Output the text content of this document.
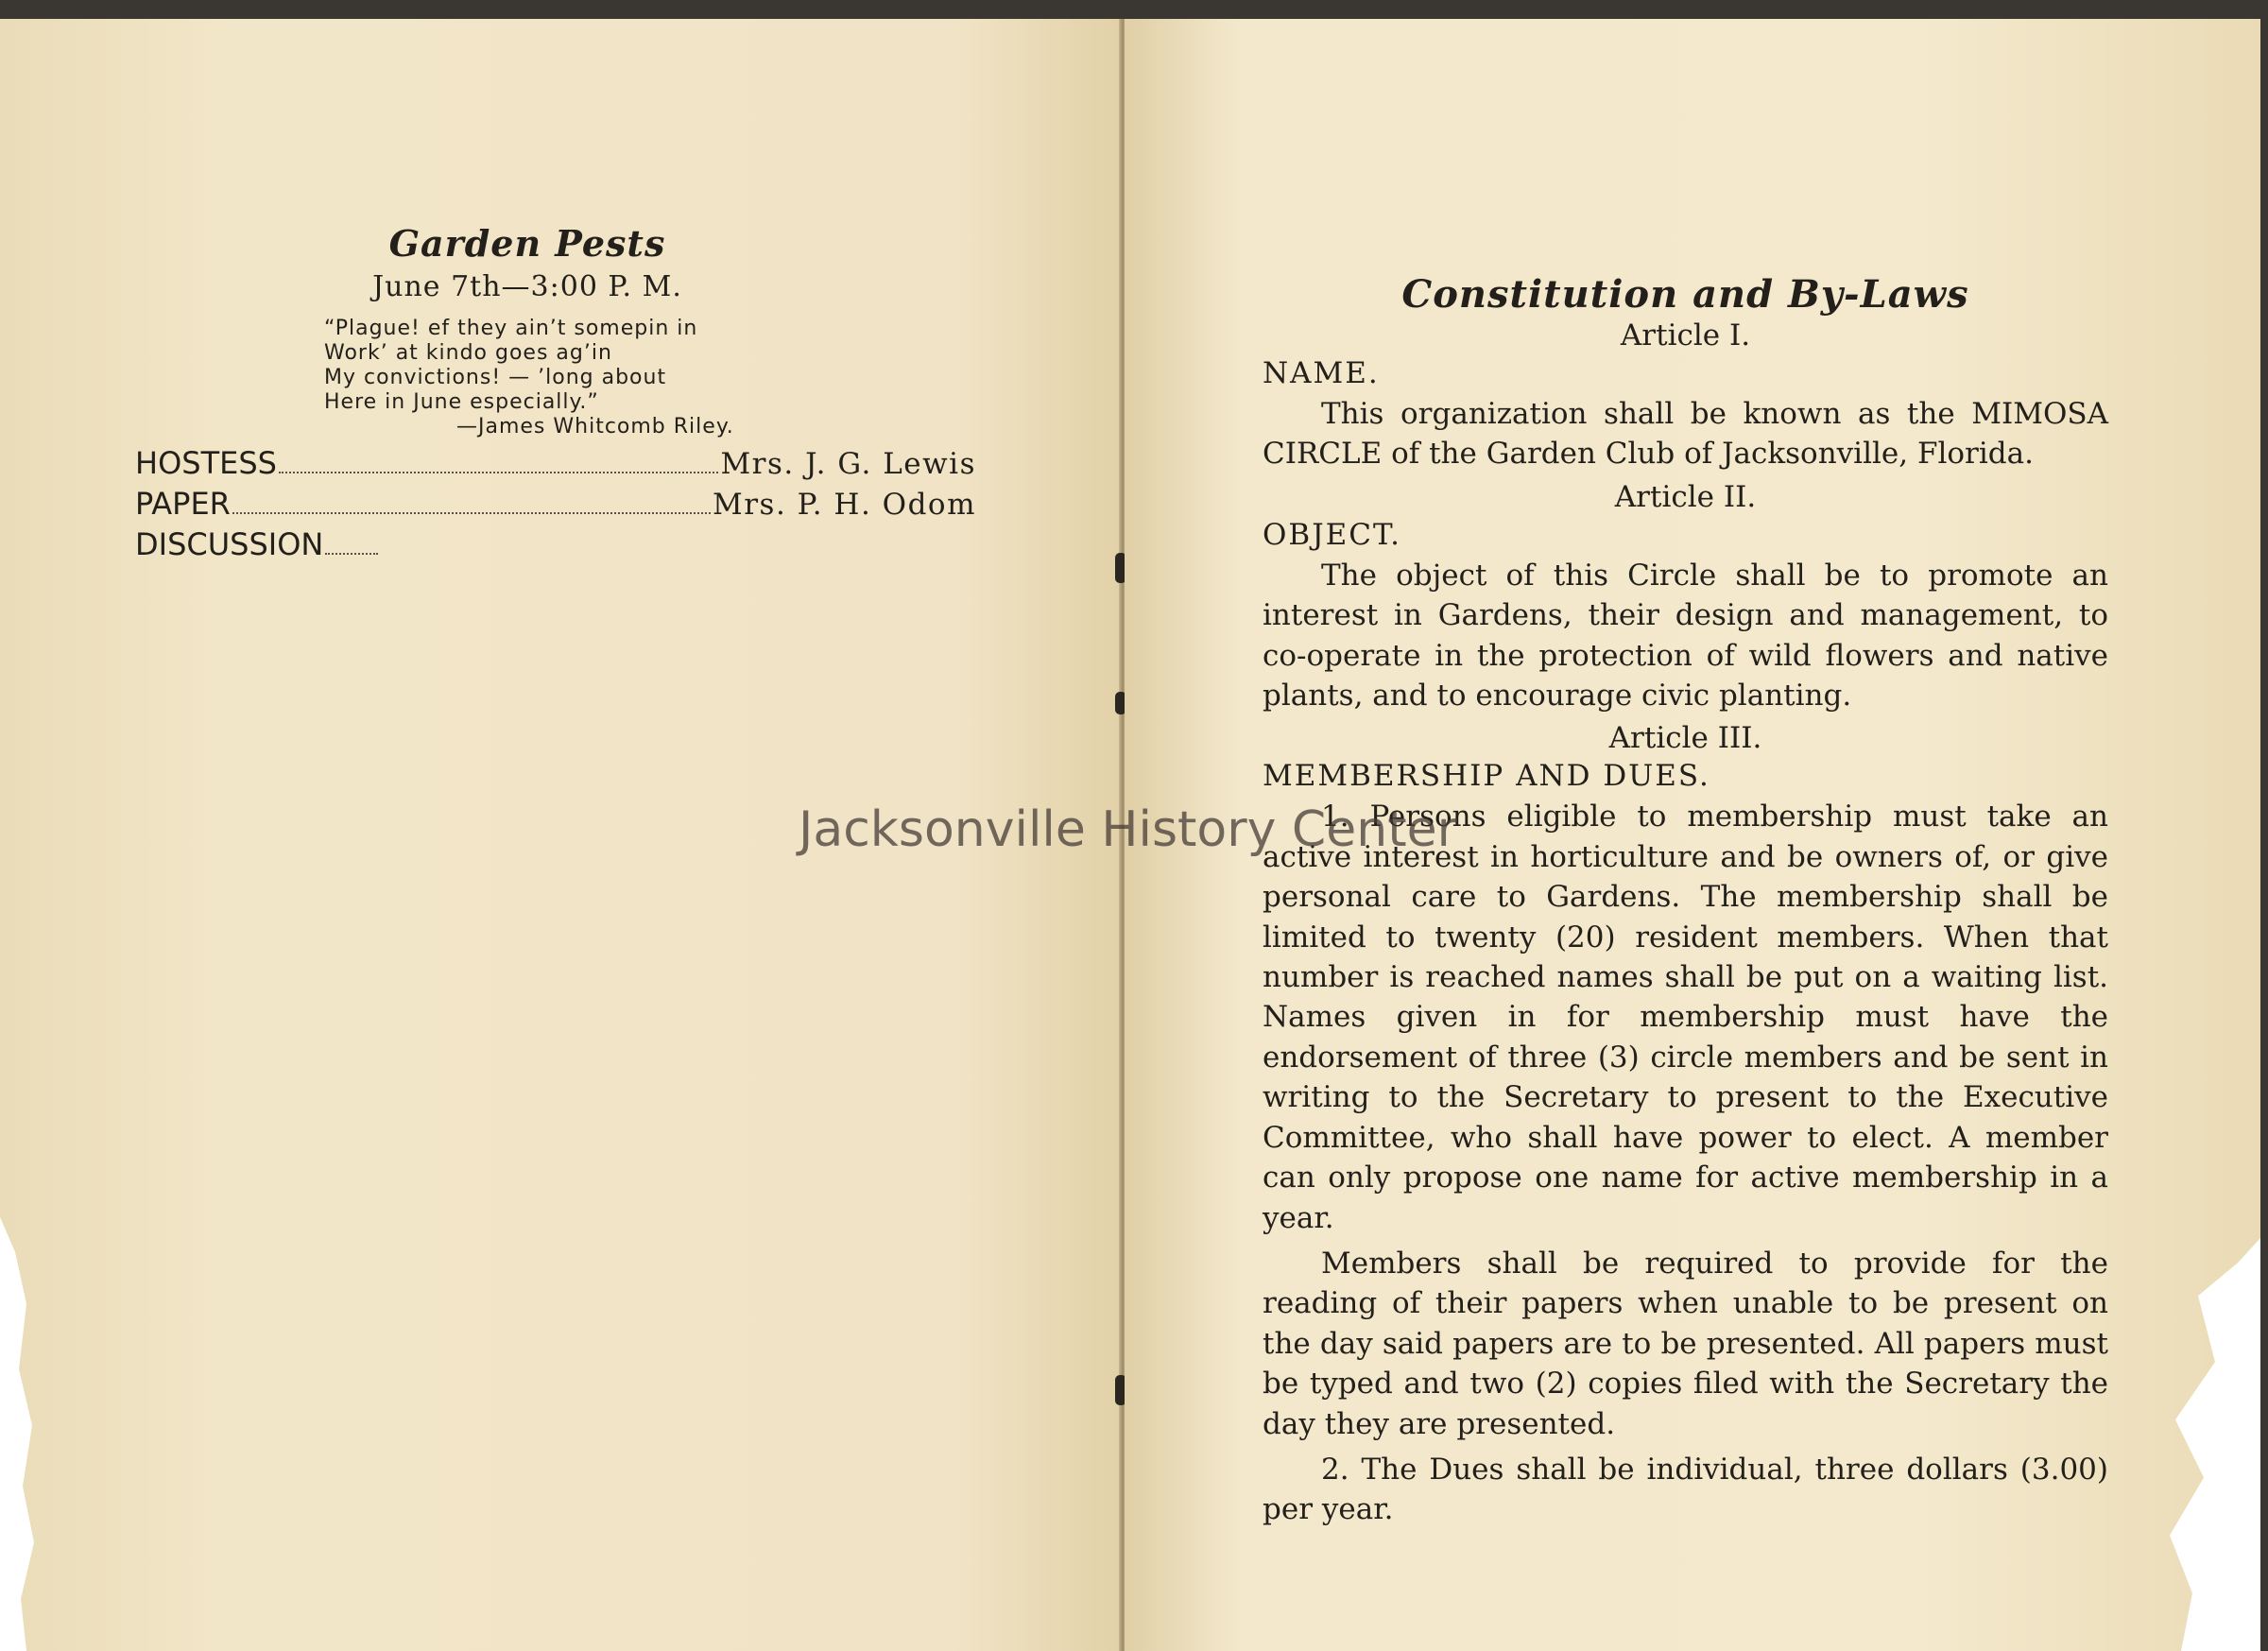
Garden Pests
June 7th—3:00 P. M.
“Plague! ef they ain’t somepin in
Work’ at kindo goes ag’in
My convictions! — ’long about
Here in June especially.”
—James Whitcomb Riley.
HOSTESS	Mrs. J. G. Lewis
PAPER	Mrs. P. H. Odom
DISCUSSION
Constitution and By-Laws
Article I.
NAME.
This organization shall be known as the MIMOSA CIRCLE of the Garden Club of Jacksonville, Florida.
Article II.
OBJECT.
The object of this Circle shall be to promote an interest in Gardens, their design and management, to co-operate in the protection of wild flowers and native plants, and to encourage civic planting.
Article III.
MEMBERSHIP AND DUES.
1. Persons eligible to membership must take an active interest in horticulture and be owners of, or give personal care to Gardens. The membership shall be limited to twenty (20) resident members. When that number is reached names shall be put on a waiting list. Names given in for membership must have the endorsement of three (3) circle members and be sent in writing to the Secretary to present to the Executive Committee, who shall have power to elect. A member can only propose one name for active membership in a year.
Members shall be required to provide for the reading of their papers when unable to be present on the day said papers are to be presented. All papers must be typed and two (2) copies filed with the Secretary the day they are presented.
2. The Dues shall be individual, three dollars (3.00) per year.
Jacksonville History Center
